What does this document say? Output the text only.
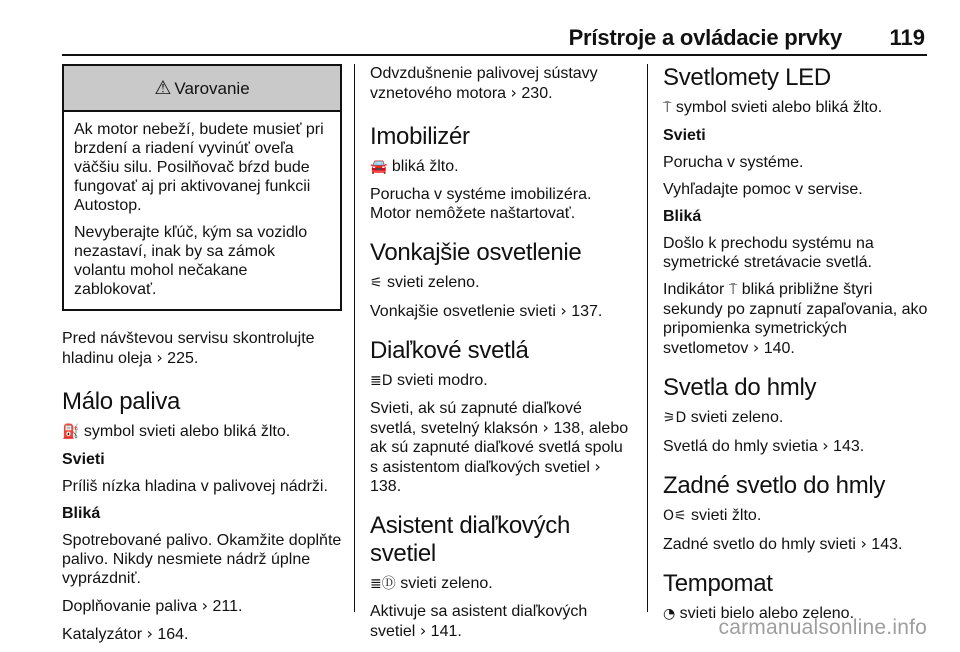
Prístroje a ovládacie prvky 119
⚠ Varovanie

Ak motor nebeží, budete musieť pri brzdení a riadení vyvinúť oveľa väčšiu silu. Posilňovač bŕzd bude fungovať aj pri aktivovanej funkcii Autostop.

Nevyberajte kľúč, kým sa vozidlo nezastaví, inak by sa zámok volantu mohol nečakane zablokovať.

Pred návštevou servisu skontrolujte hladinu oleja › 225.

Málo paliva

⛽ symbol svieti alebo bliká žlto.

Svieti

Príliš nízka hladina v palivovej nádrži.

Bliká

Spotrebované palivo. Okamžite doplňte palivo. Nikdy nesmiete nádrž úplne vyprázdniť.

Doplňovanie paliva › 211.

Katalyzátor › 164.

Odvzdušnenie palivovej sústavy vznetového motora › 230.

Imobilizér

🚘 bliká žlto.

Porucha v systéme imobilizéra. Motor nemôžete naštartovať.

Vonkajšie osvetlenie

⚟ svieti zeleno.

Vonkajšie osvetlenie svieti › 137.

Diaľkové svetlá

≣D svieti modro.

Svieti, ak sú zapnuté diaľkové svetlá, svetelný klaksón › 138, alebo ak sú zapnuté diaľkové svetlá spolu s asistentom diaľkových svetiel › 138.

Asistent diaľkových svetiel

≣Ⓓ svieti zeleno.

Aktivuje sa asistent diaľkových svetiel › 141.

Svetlomety LED

⍑ symbol svieti alebo bliká žlto.

Svieti

Porucha v systéme.

Vyhľadajte pomoc v servise.

Bliká

Došlo k prechodu systému na symetrické stretávacie svetlá.

Indikátor ⍑ bliká približne štyri sekundy po zapnutí zapaľovania, ako pripomienka symetrických svetlometov › 140.

Svetla do hmly

⚞D svieti zeleno.

Svetlá do hmly svietia › 143.

Zadné svetlo do hmly

O⚟ svieti žlto.

Zadné svetlo do hmly svieti › 143.

Tempomat

◔ svieti bielo alebo zeleno.

carmanualsonline.info
